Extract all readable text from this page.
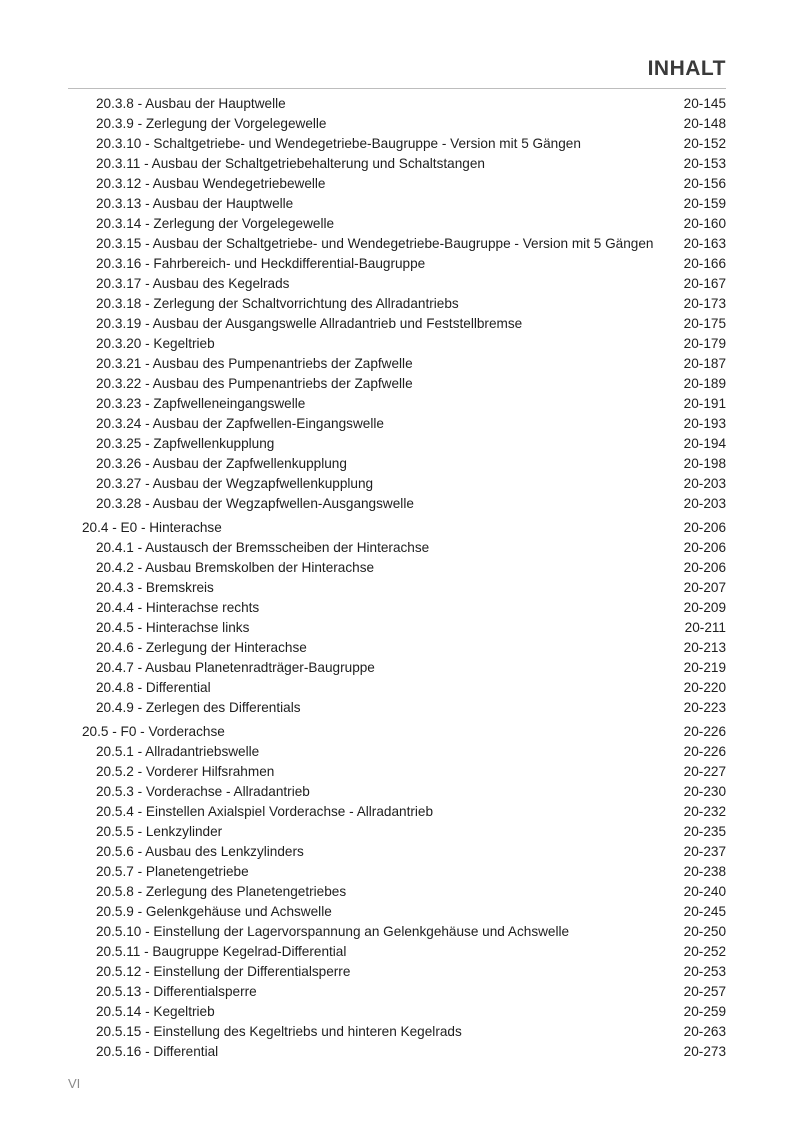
INHALT
20.3.8 - Ausbau der Hauptwelle	20-145
20.3.9 - Zerlegung der Vorgelegewelle	20-148
20.3.10 - Schaltgetriebe- und Wendegetriebe-Baugruppe - Version mit 5 Gängen	20-152
20.3.11 - Ausbau der Schaltgetriebehalterung und Schaltstangen	20-153
20.3.12 - Ausbau Wendegetriebewelle	20-156
20.3.13 - Ausbau der Hauptwelle	20-159
20.3.14 - Zerlegung der Vorgelegewelle	20-160
20.3.15 - Ausbau der Schaltgetriebe- und Wendegetriebe-Baugruppe - Version mit 5 Gängen	20-163
20.3.16 - Fahrbereich- und Heckdifferential-Baugruppe	20-166
20.3.17 - Ausbau des Kegelrads	20-167
20.3.18 - Zerlegung der Schaltvorrichtung des Allradantriebs	20-173
20.3.19 - Ausbau der Ausgangswelle Allradantrieb und Feststellbremse	20-175
20.3.20 - Kegeltrieb	20-179
20.3.21 - Ausbau des Pumpenantriebs der Zapfwelle	20-187
20.3.22 - Ausbau des Pumpenantriebs der Zapfwelle	20-189
20.3.23 - Zapfwelleneingangswelle	20-191
20.3.24 - Ausbau der Zapfwellen-Eingangswelle	20-193
20.3.25 - Zapfwellenkupplung	20-194
20.3.26 - Ausbau der Zapfwellenkupplung	20-198
20.3.27 - Ausbau der Wegzapfwellenkupplung	20-203
20.3.28 - Ausbau der Wegzapfwellen-Ausgangswelle	20-203
20.4 - E0 - Hinterachse	20-206
20.4.1 - Austausch der Bremsscheiben der Hinterachse	20-206
20.4.2 - Ausbau Bremskolben der Hinterachse	20-206
20.4.3 - Bremskreis	20-207
20.4.4 - Hinterachse rechts	20-209
20.4.5 - Hinterachse links	20-211
20.4.6 - Zerlegung der Hinterachse	20-213
20.4.7 - Ausbau Planetenradträger-Baugruppe	20-219
20.4.8 - Differential	20-220
20.4.9 - Zerlegen des Differentials	20-223
20.5 - F0 - Vorderachse	20-226
20.5.1 - Allradantriebswelle	20-226
20.5.2 - Vorderer Hilfsrahmen	20-227
20.5.3 - Vorderachse - Allradantrieb	20-230
20.5.4 - Einstellen Axialspiel Vorderachse - Allradantrieb	20-232
20.5.5 - Lenkzylinder	20-235
20.5.6 - Ausbau des Lenkzylinders	20-237
20.5.7 - Planetengetriebe	20-238
20.5.8 - Zerlegung des Planetengetriebes	20-240
20.5.9 - Gelenkgehäuse und Achswelle	20-245
20.5.10 - Einstellung der Lagervorspannung an Gelenkgehäuse und Achswelle	20-250
20.5.11 - Baugruppe Kegelrad-Differential	20-252
20.5.12 - Einstellung der Differentialsperre	20-253
20.5.13 - Differentialsperre	20-257
20.5.14 - Kegeltrieb	20-259
20.5.15 - Einstellung des Kegeltriebs und hinteren Kegelrads	20-263
20.5.16 - Differential	20-273
VI
